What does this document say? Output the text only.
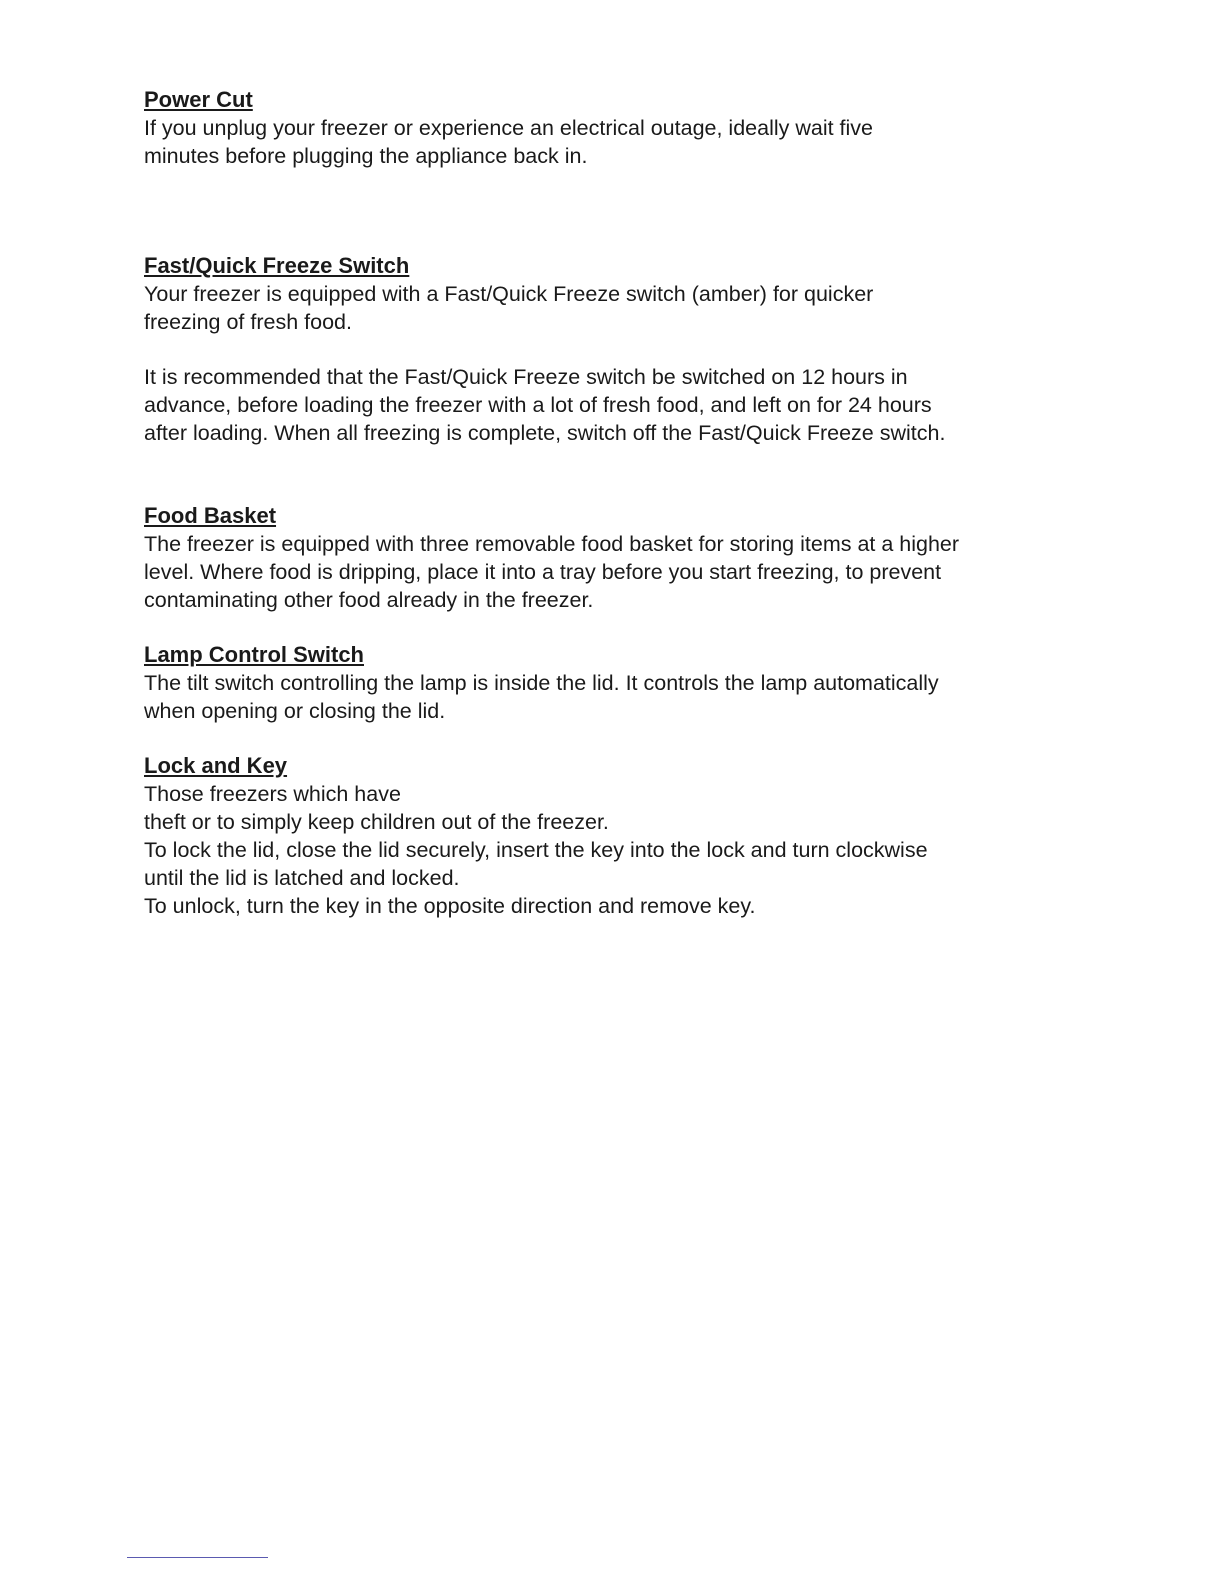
Power Cut
If you unplug your freezer or experience an electrical outage, ideally wait five
minutes before plugging the appliance back in.
Fast/Quick Freeze Switch
Your freezer is equipped with a Fast/Quick Freeze switch (amber) for quicker
freezing of fresh food.
It is recommended that the Fast/Quick Freeze switch be switched on 12 hours in
advance, before loading the freezer with a lot of fresh food, and left on for 24 hours
after loading. When all freezing is complete, switch off the Fast/Quick Freeze switch.
Food Basket
The freezer is equipped with three removable food basket for storing items at a higher
level. Where food is dripping, place it into a tray before you start freezing, to prevent
contaminating other food already in the freezer.
Lamp Control Switch
The tilt switch controlling the lamp is inside the lid. It controls the lamp automatically
when opening or closing the lid.
Lock and Key
Those freezers which have
theft or to simply keep children out of the freezer.
To lock the lid, close the lid securely, insert the key into the lock and turn clockwise
until the lid is latched and locked.
To unlock, turn the key in the opposite direction and remove key.
